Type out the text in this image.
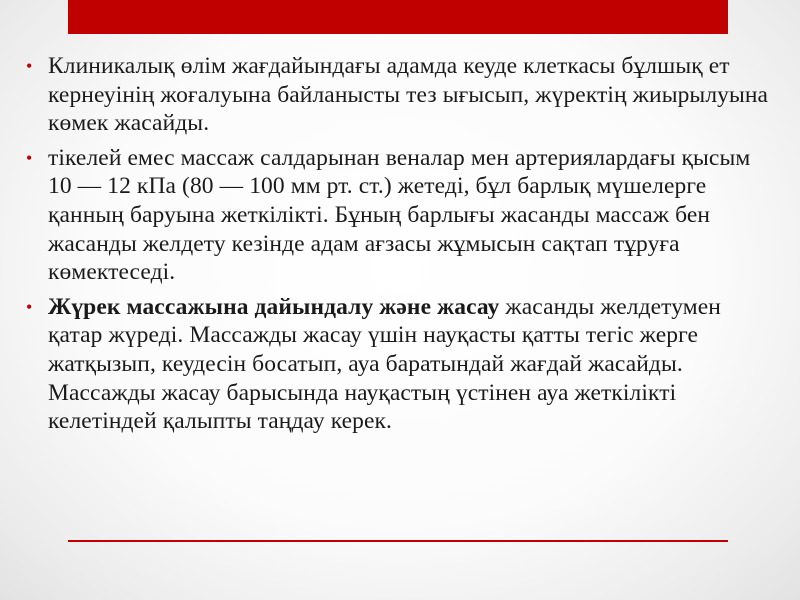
• Клиникалық өлім жағдайындағы адамда кеуде клеткасы бұлшық ет кернеуінің жоғалуына байланысты тез ығысып, жүректің жиырылуына көмек жасайды.
• тікелей емес массаж салдарынан веналар мен артериялардағы қысым 10 — 12 кПа (80 — 100 мм рт. ст.) жетеді, бұл барлық мүшелерге қанның баруына жеткілікті. Бұның барлығы жасанды массаж бен жасанды желдету кезінде адам ағзасы жұмысын сақтап тұруға көмектеседі.
• Жүрек массажына дайындалу және жасау жасанды желдетумен қатар жүреді. Массажды жасау үшін науқасты қатты тегіс жерге жатқызып, кеудесін босатып, ауа баратындай жағдай жасайды. Массажды жасау барысында науқастың үстінен ауа жеткілікті келетіндей қалыпты таңдау керек.
